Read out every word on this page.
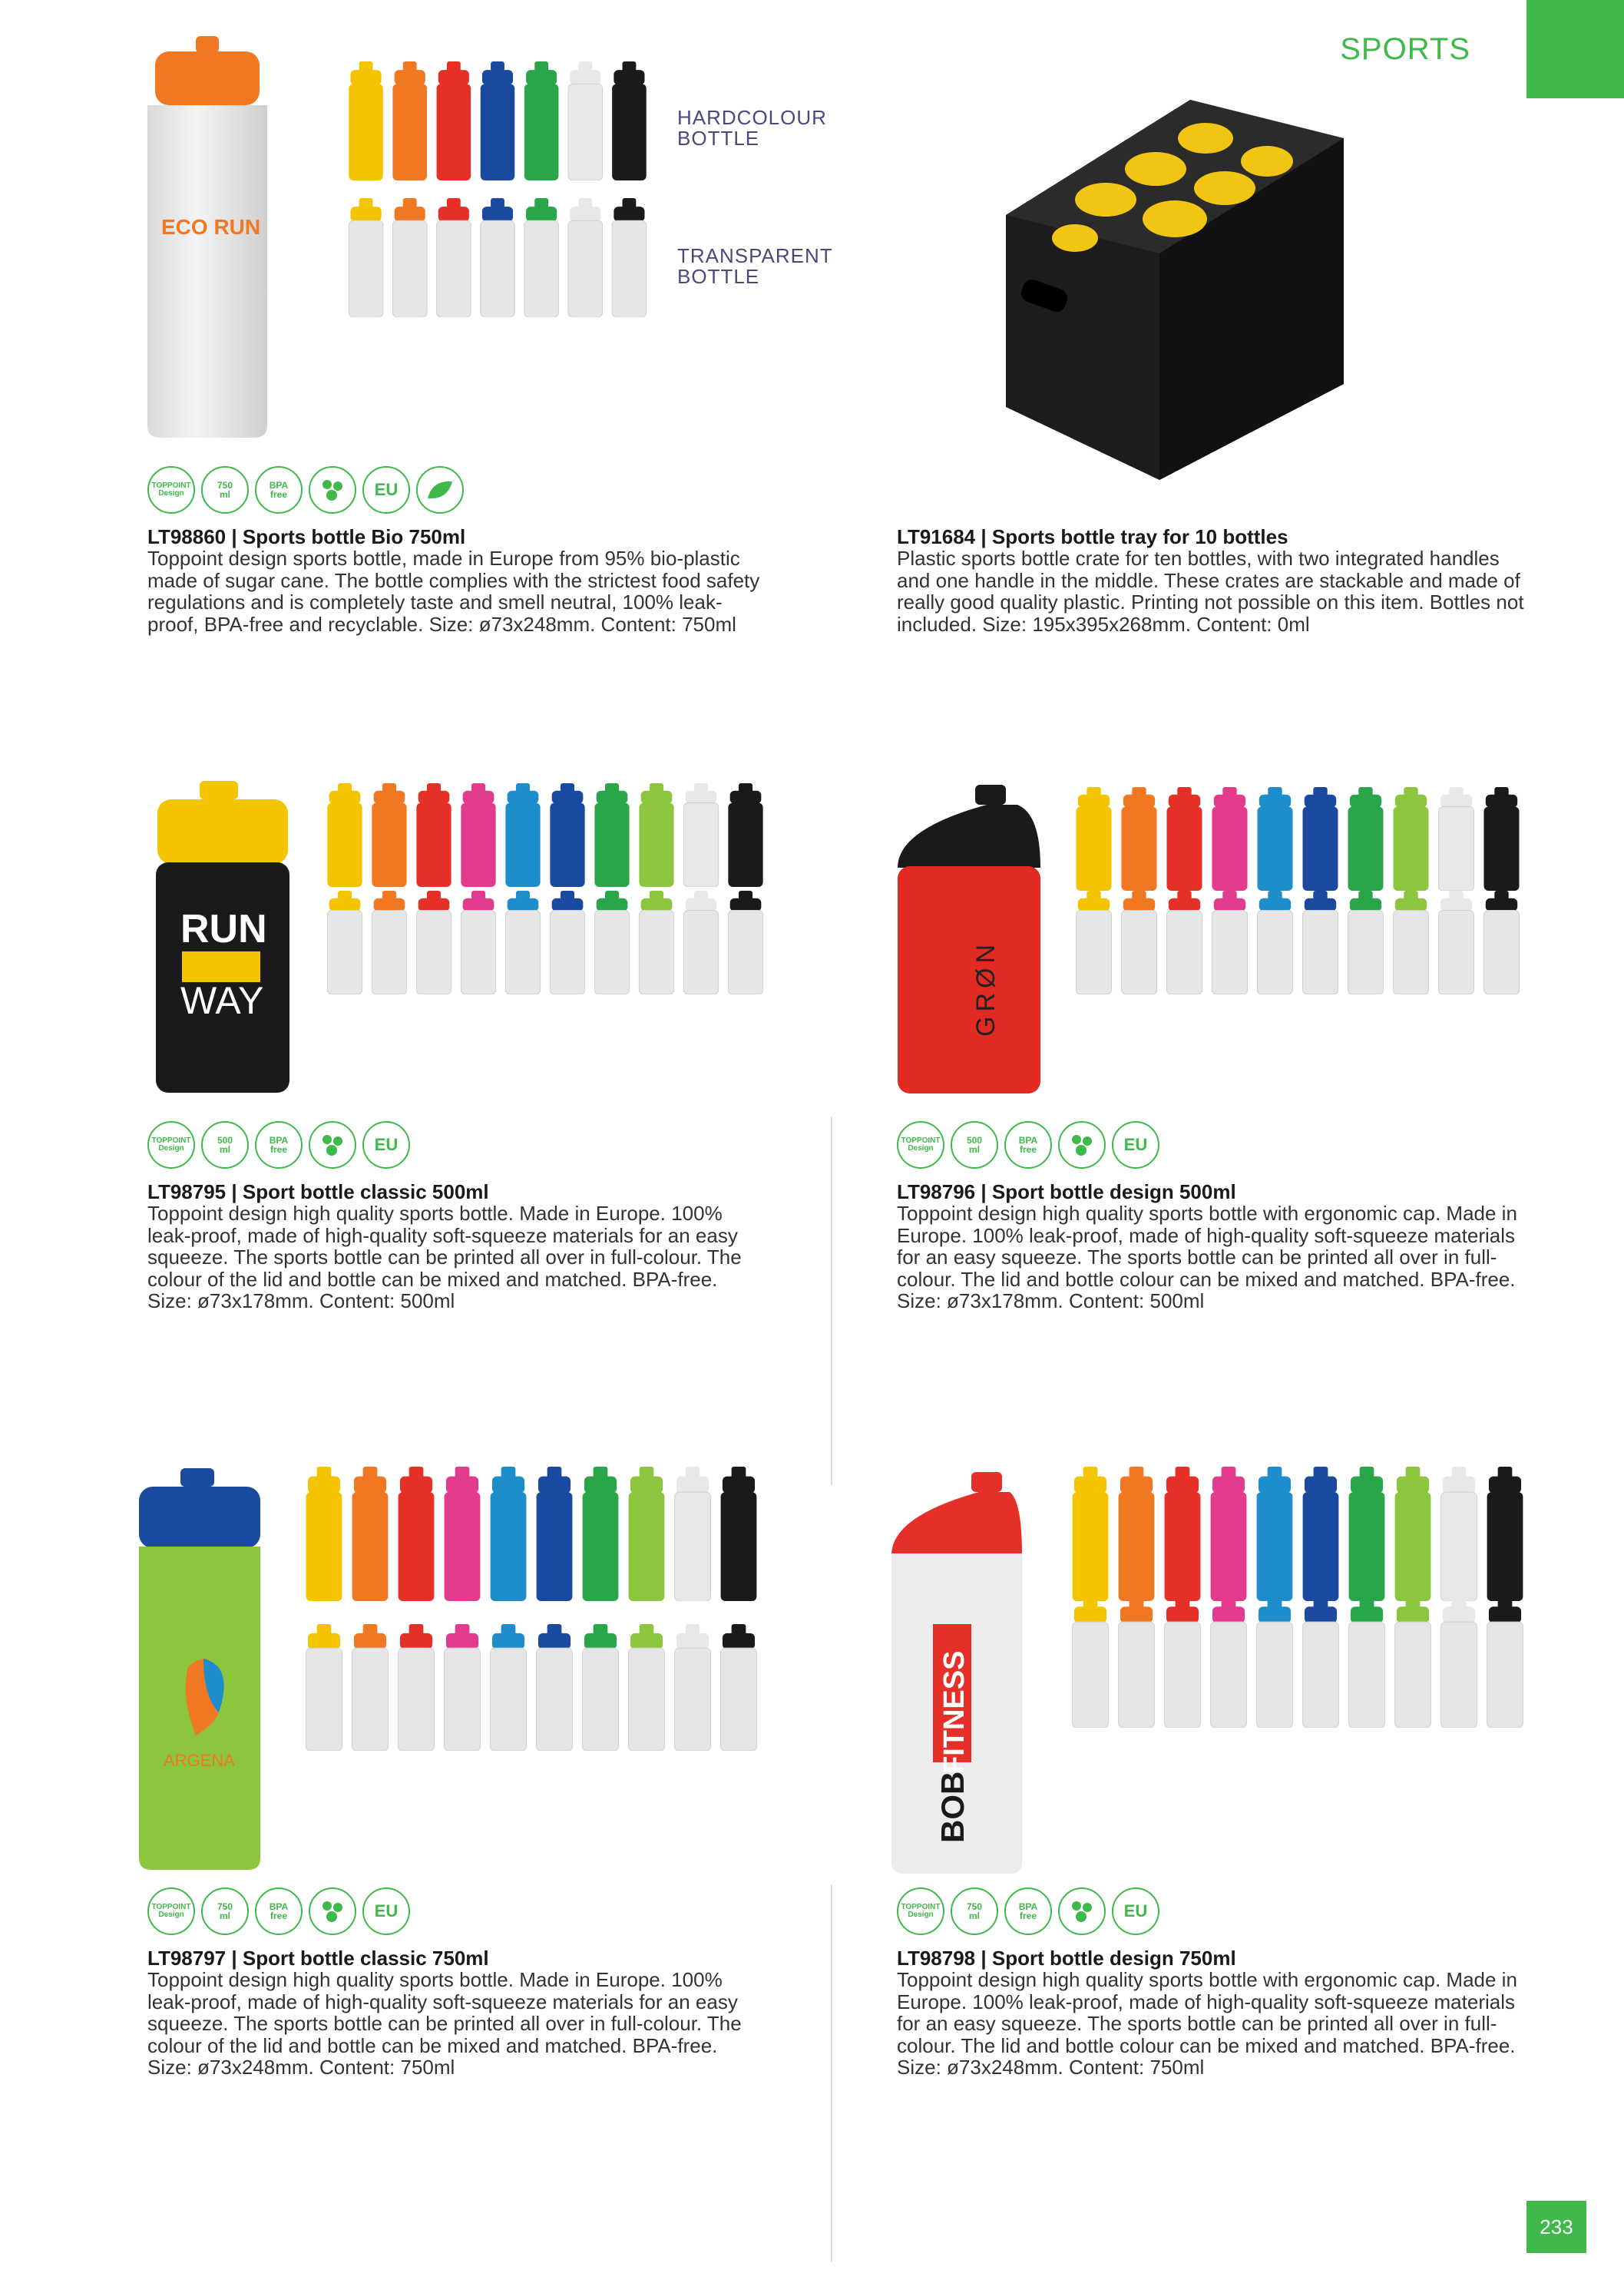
SPORTS
ECO RUN
HARDCOLOUR BOTTLE
TRANSPARENT BOTTLE
TOPPOINT
Design
750
ml
BPA
free	EU
LT98860 | Sports bottle Bio 750ml
Toppoint design sports bottle, made in Europe from 95% bio-plastic made of sugar cane. The bottle complies with the strictest food safety regulations and is completely taste and smell neutral, 100% leak-proof, BPA-free and recyclable. Size: ø73x248mm. Content: 750ml
LT91684 | Sports bottle tray for 10 bottles
Plastic sports bottle crate for ten bottles, with two integrated handles and one handle in the middle. These crates are stackable and made of really good quality plastic. Printing not possible on this item. Bottles not included. Size: 195x395x268mm. Content: 0ml
RUN
WAY
TOPPOINT
Design
500
ml
BPA
free	EU
LT98795 | Sport bottle classic 500ml
Toppoint design high quality sports bottle. Made in Europe. 100% leak-proof, made of high-quality soft-squeeze materials for an easy squeeze. The sports bottle can be printed all over in full-colour. The colour of the lid and bottle can be mixed and matched. BPA-free. Size: ø73x178mm. Content: 500ml
GRØN
TOPPOINT
Design
500
ml
BPA
free	EU
LT98796 | Sport bottle design 500ml
Toppoint design high quality sports bottle with ergonomic cap. Made in Europe. 100% leak-proof, made of high-quality soft-squeeze materials for an easy squeeze. The sports bottle can be printed all over in full-colour. The lid and bottle colour can be mixed and matched. BPA-free. Size: ø73x178mm. Content: 500ml
ARGENA
TOPPOINT
Design
750
ml
BPA
free	EU
LT98797 | Sport bottle classic 750ml
Toppoint design high quality sports bottle. Made in Europe. 100% leak-proof, made of high-quality soft-squeeze materials for an easy squeeze. The sports bottle can be printed all over in full-colour. The colour of the lid and bottle can be mixed and matched. BPA-free. Size: ø73x248mm. Content: 750ml
BOB
FITNESS
TOPPOINT
Design
750
ml
BPA
free	EU
LT98798 | Sport bottle design 750ml
Toppoint design high quality sports bottle with ergonomic cap. Made in Europe. 100% leak-proof, made of high-quality soft-squeeze materials for an easy squeeze. The sports bottle can be printed all over in full-colour. The lid and bottle colour can be mixed and matched. BPA-free. Size: ø73x248mm. Content: 750ml
233
